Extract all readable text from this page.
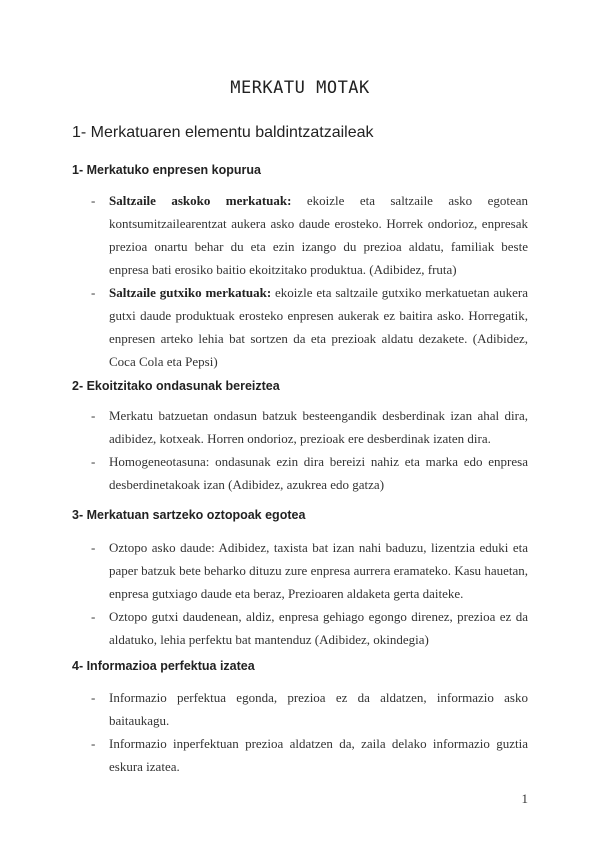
MERKATU MOTAK
1- Merkatuaren elementu baldintzatzaileak
1- Merkatuko enpresen kopurua
- Saltzaile askoko merkatuak: ekoizle eta saltzaile asko egotean kontsumitzailearentzat aukera asko daude erosteko. Horrek ondorioz, enpresak prezioa onartu behar du eta ezin izango du prezioa aldatu, familiak beste enpresa bati erosiko baitio ekoitzitako produktua. (Adibidez, fruta)
- Saltzaile gutxiko merkatuak: ekoizle eta saltzaile gutxiko merkatuetan aukera gutxi daude produktuak erosteko enpresen aukerak ez baitira asko. Horregatik, enpresen arteko lehia bat sortzen da eta prezioak aldatu dezakete. (Adibidez, Coca Cola eta Pepsi)
2- Ekoitzitako ondasunak bereiztea
- Merkatu batzuetan ondasun batzuk besteengandik desberdinak izan ahal dira, adibidez, kotxeak. Horren ondorioz, prezioak ere desberdinak izaten dira.
- Homogeneotasuna: ondasunak ezin dira bereizi nahiz eta marka edo enpresa desberdinetakoak izan (Adibidez, azukrea edo gatza)
3- Merkatuan sartzeko oztopoak egotea
- Oztopo asko daude: Adibidez, taxista bat izan nahi baduzu, lizentzia eduki eta paper batzuk bete beharko dituzu zure enpresa aurrera eramateko. Kasu hauetan, enpresa gutxiago daude eta beraz, Prezioaren aldaketa gerta daiteke.
- Oztopo gutxi daudenean, aldiz, enpresa gehiago egongo direnez, prezioa ez da aldatuko, lehia perfektu bat mantenduz (Adibidez, okindegia)
4- Informazioa perfektua izatea
- Informazio perfektua egonda, prezioa ez da aldatzen, informazio asko baitaukagu.
- Informazio inperfektuan prezioa aldatzen da, zaila delako informazio guztia eskura izatea.
1
